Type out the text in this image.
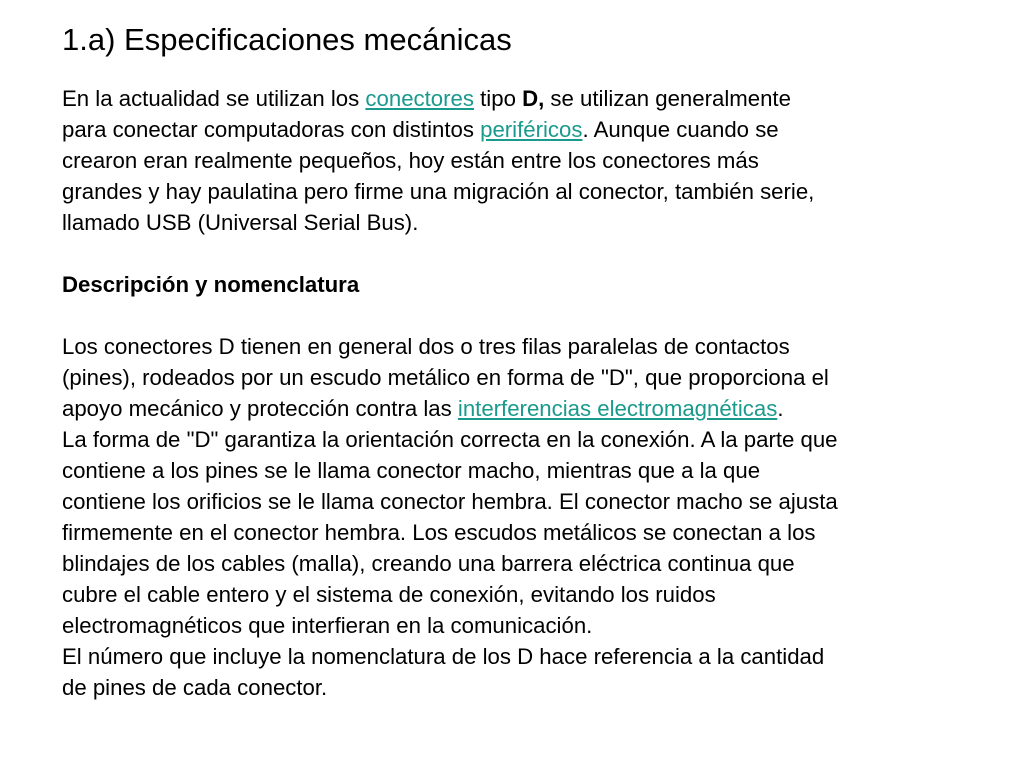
1.a) Especificaciones mecánicas

En la actualidad se utilizan los conectores tipo D, se utilizan generalmente
para conectar computadoras con distintos periféricos. Aunque cuando se
crearon eran realmente pequeños, hoy están entre los conectores más
grandes y hay paulatina pero firme una migración al conector, también serie,
llamado USB (Universal Serial Bus).

Descripción y nomenclatura

Los conectores D tienen en general dos o tres filas paralelas de contactos
(pines), rodeados por un escudo metálico en forma de "D", que proporciona el
apoyo mecánico y protección contra las interferencias electromagnéticas.
La forma de "D" garantiza la orientación correcta en la conexión. A la parte que
contiene a los pines se le llama conector macho, mientras que a la que
contiene los orificios se le llama conector hembra. El conector macho se ajusta
firmemente en el conector hembra. Los escudos metálicos se conectan a los
blindajes de los cables (malla), creando una barrera eléctrica continua que
cubre el cable entero y el sistema de conexión, evitando los ruidos
electromagnéticos que interfieran en la comunicación.
El número que incluye la nomenclatura de los D hace referencia a la cantidad
de pines de cada conector.
